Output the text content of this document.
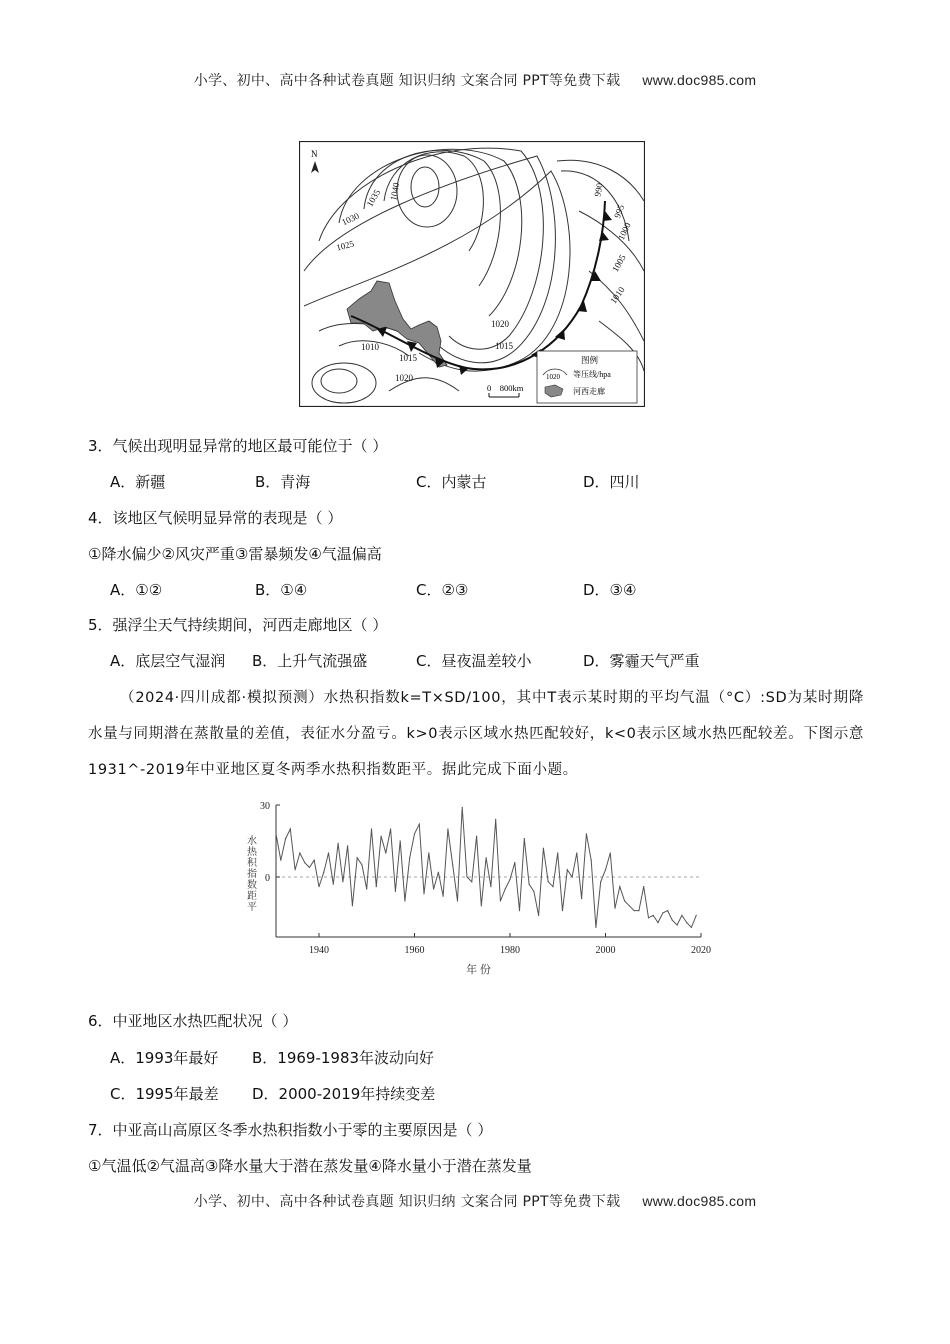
小学、初中、高中各种试卷真题 知识归纳 文案合同 PPT等免费下载 www.doc985.com
N
1040
1035
1030
1025
1020
1015
1010
1015
1020
990
995
1000
1005
1010
0    800km
图例
1020 等压线/hpa
河西走廊
3．气候出现明显异常的地区最可能位于（ ）
A．新疆	B．青海	C．内蒙古	D．四川
4．该地区气候明显异常的表现是（ ）
①降水偏少②风灾严重③雷暴频发④气温偏高
A．①②	B．①④	C．②③	D．③④
5．强浮尘天气持续期间，河西走廊地区（ ）
A．底层空气湿润 B．上升气流强盛	C．昼夜温差较小	D．雾霾天气严重
（2024·四川成都·模拟预测）水热积指数k=T×SD/100，其中T表示某时期的平均气温（°C）:SD为某时期降水量与同期潜在蒸散量的差值，表征水分盈亏。k>0表示区域水热匹配较好，k<0表示区域水热匹配较差。下图示意1931^-2019年中亚地区夏冬两季水热积指数距平。据此完成下面小题。
30
0
1940	1960	1980	2000	2020
水热积指数距平
年 份
6．中亚地区水热匹配状况（ ）
A．1993年最好 B．1969-1983年波动向好
C．1995年最差 D．2000-2019年持续变差
7．中亚高山高原区冬季水热积指数小于零的主要原因是（ ）
①气温低②气温高③降水量大于潜在蒸发量④降水量小于潜在蒸发量
小学、初中、高中各种试卷真题 知识归纳 文案合同 PPT等免费下载 www.doc985.com
